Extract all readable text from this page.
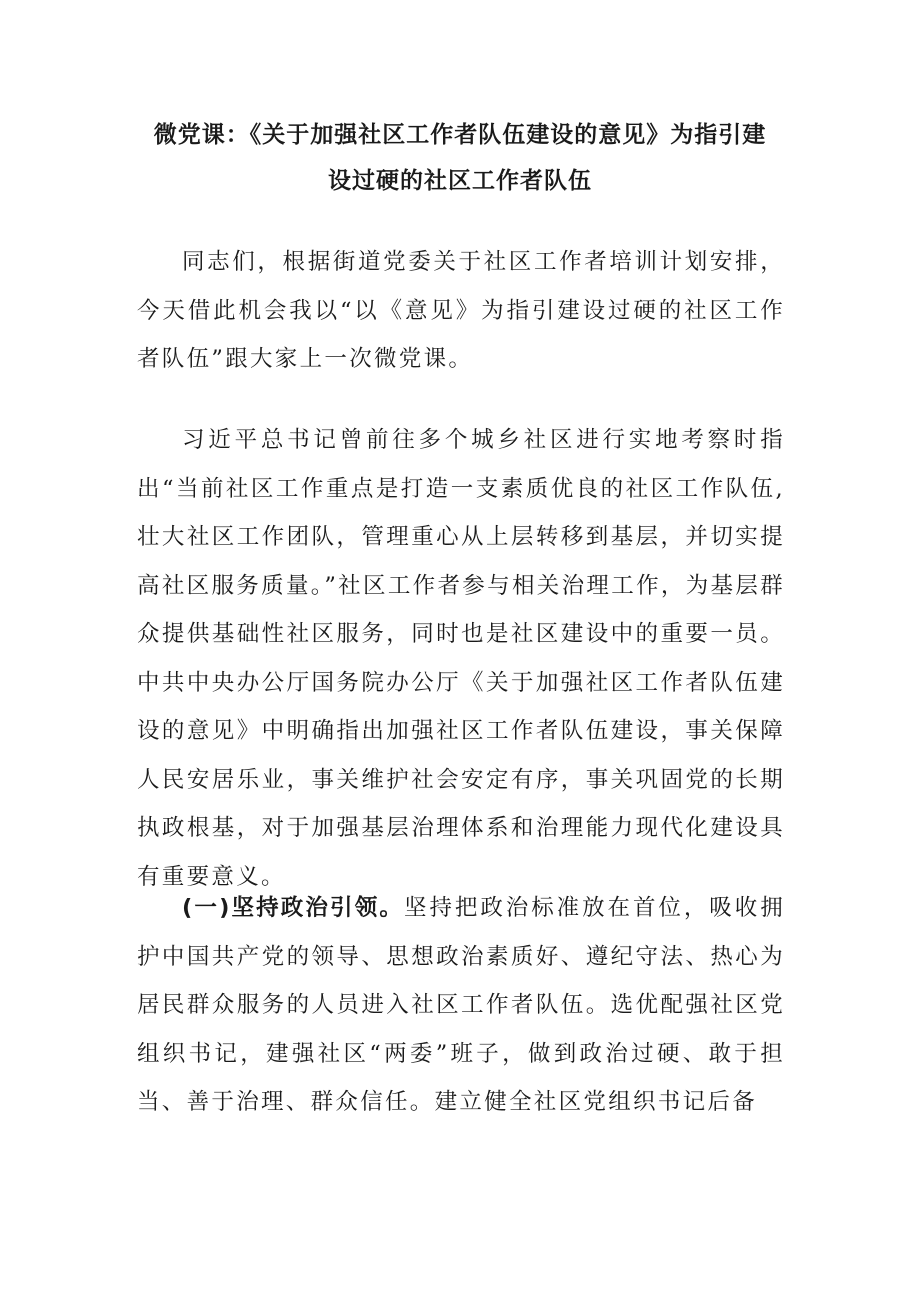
微党课：《关于加强社区工作者队伍建设的意见》为指引建
设过硬的社区工作者队伍

同志们，根据街道党委关于社区工作者培训计划安排，今天借此机会我以“以《意见》为指引建设过硬的社区工作者队伍”跟大家上一次微党课。

习近平总书记曾前往多个城乡社区进行实地考察时指出“当前社区工作重点是打造一支素质优良的社区工作队伍,壮大社区工作团队，管理重心从上层转移到基层，并切实提高社区服务质量。”社区工作者参与相关治理工作，为基层群众提供基础性社区服务，同时也是社区建设中的重要一员。中共中央办公厅国务院办公厅《关于加强社区工作者队伍建设的意见》中明确指出加强社区工作者队伍建设，事关保障人民安居乐业，事关维护社会安定有序，事关巩固党的长期执政根基，对于加强基层治理体系和治理能力现代化建设具有重要意义。

(一)坚持政治引领。坚持把政治标准放在首位，吸收拥护中国共产党的领导、思想政治素质好、遵纪守法、热心为居民群众服务的人员进入社区工作者队伍。选优配强社区党组织书记，建强社区“两委”班子，做到政治过硬、敢于担当、善于治理、群众信任。建立健全社区党组织书记后备
